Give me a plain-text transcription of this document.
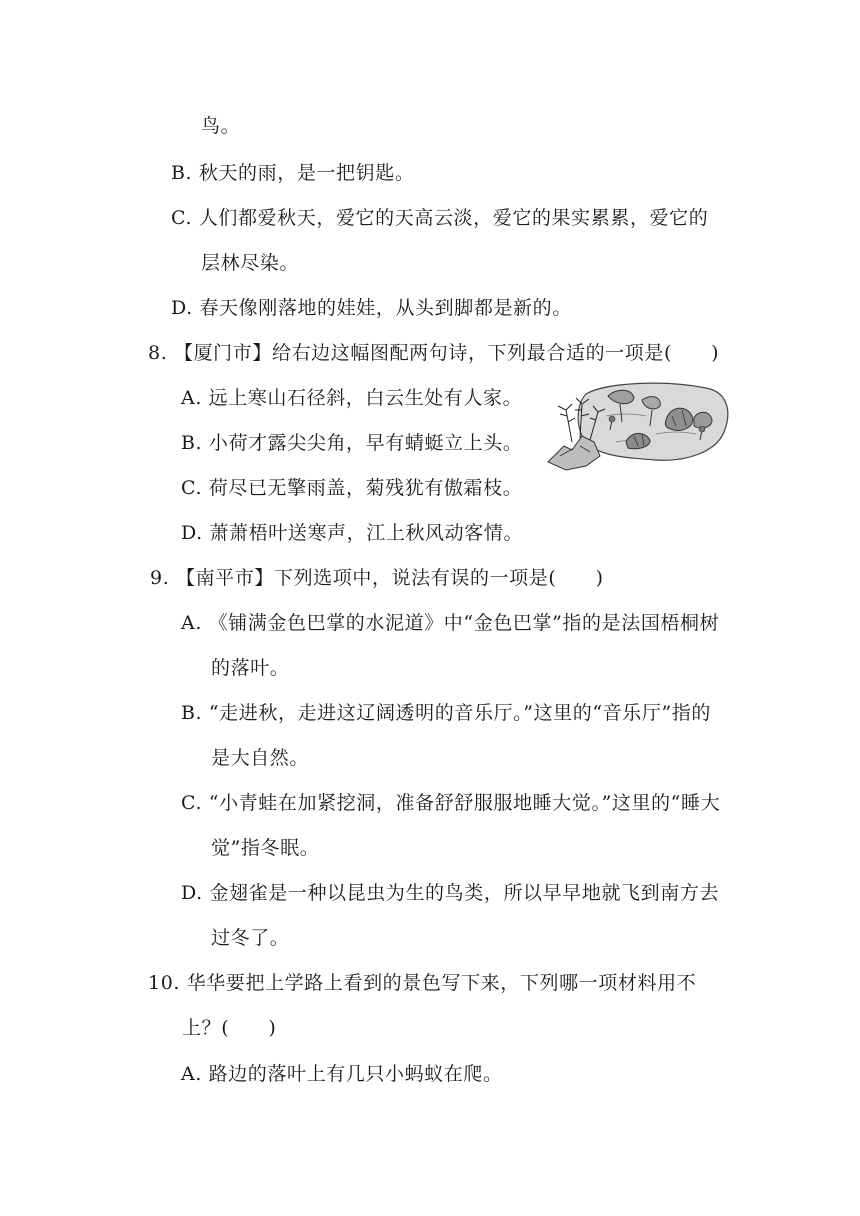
鸟。
B. 秋天的雨，是一把钥匙。
C. 人们都爱秋天，爱它的天高云淡，爱它的果实累累，爱它的
层林尽染。
D. 春天像刚落地的娃娃，从头到脚都是新的。
8. 【厦门市】给右边这幅图配两句诗，下列最合适的一项是(　　)
A. 远上寒山石径斜，白云生处有人家。
B. 小荷才露尖尖角，早有蜻蜓立上头。
C. 荷尽已无擎雨盖，菊残犹有傲霜枝。
D. 萧萧梧叶送寒声，江上秋风动客情。
9. 【南平市】下列选项中，说法有误的一项是(　　)
A. 《铺满金色巴掌的水泥道》中“金色巴掌”指的是法国梧桐树
的落叶。
B. “走进秋，走进这辽阔透明的音乐厅。”这里的“音乐厅”指的
是大自然。
C. “小青蛙在加紧挖洞，准备舒舒服服地睡大觉。”这里的“睡大
觉”指冬眠。
D. 金翅雀是一种以昆虫为生的鸟类，所以早早地就飞到南方去
过冬了。
10. 华华要把上学路上看到的景色写下来，下列哪一项材料用不
上？(　　)
A. 路边的落叶上有几只小蚂蚁在爬。
